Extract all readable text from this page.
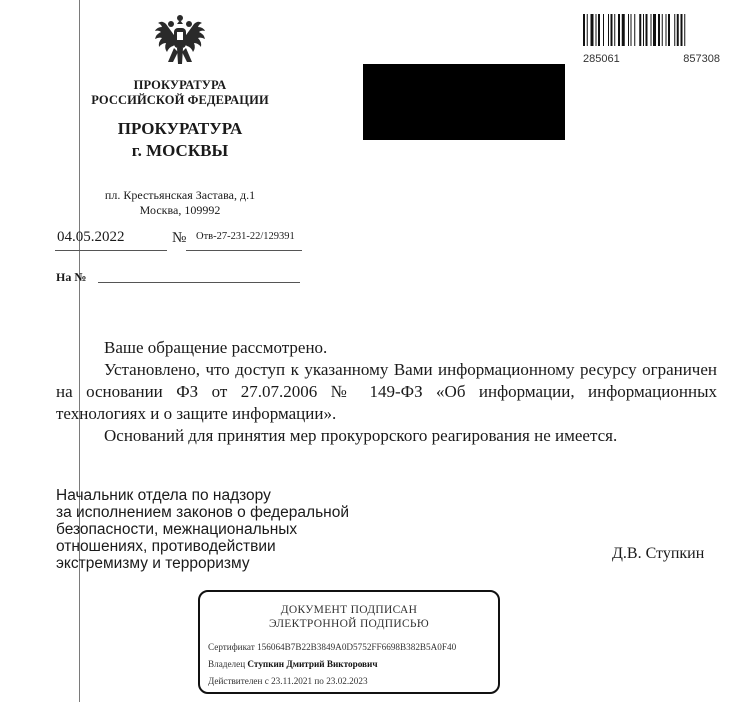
ПРОКУРАТУРА
РОССИЙСКОЙ ФЕДЕРАЦИИ
ПРОКУРАТУРА
г. МОСКВЫ
пл. Крестьянская Застава, д.1
Москва, 109992
285061	857308
04.05.2022	№ Отв-27-231-22/129391
На №

Ваше обращение рассмотрено.

Установлено, что доступ к указанному Вами информационному ресурсу ограничен на основании ФЗ от 27.07.2006 № 149-ФЗ «Об информации, информационных технологиях и о защите информации».

Оснований для принятия мер прокурорского реагирования не имеется.

Начальник отдела по надзору
за исполнением законов о федеральной
безопасности, межнациональных
отношениях, противодействии
экстремизму и терроризму
Д.В. Ступкин
ДОКУМЕНТ ПОДПИСАН
ЭЛЕКТРОННОЙ ПОДПИСЬЮ
Сертификат 156064B7B22B3849A0D5752FF6698B382B5A0F40
Владелец Ступкин Дмитрий Викторович
Действителен с 23.11.2021 по 23.02.2023
